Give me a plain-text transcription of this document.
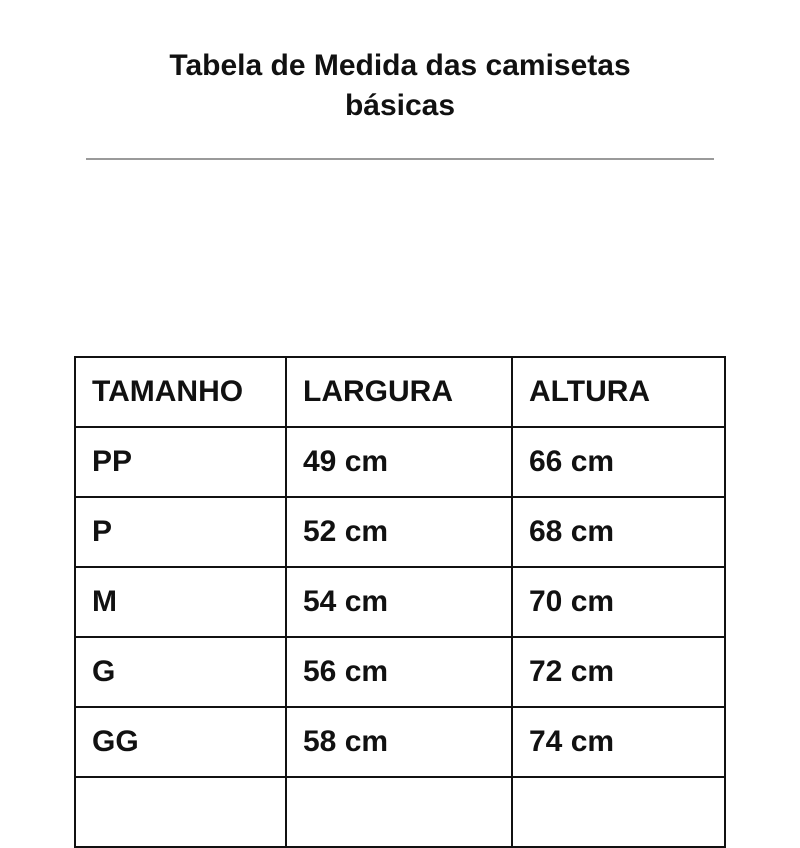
Tabela de Medida das camisetas
básicas
TAMANHO	LARGURA	ALTURA
PP	49 cm	66 cm
P	52 cm	68 cm
M	54 cm	70 cm
G	56 cm	72 cm
GG	58 cm	74 cm
